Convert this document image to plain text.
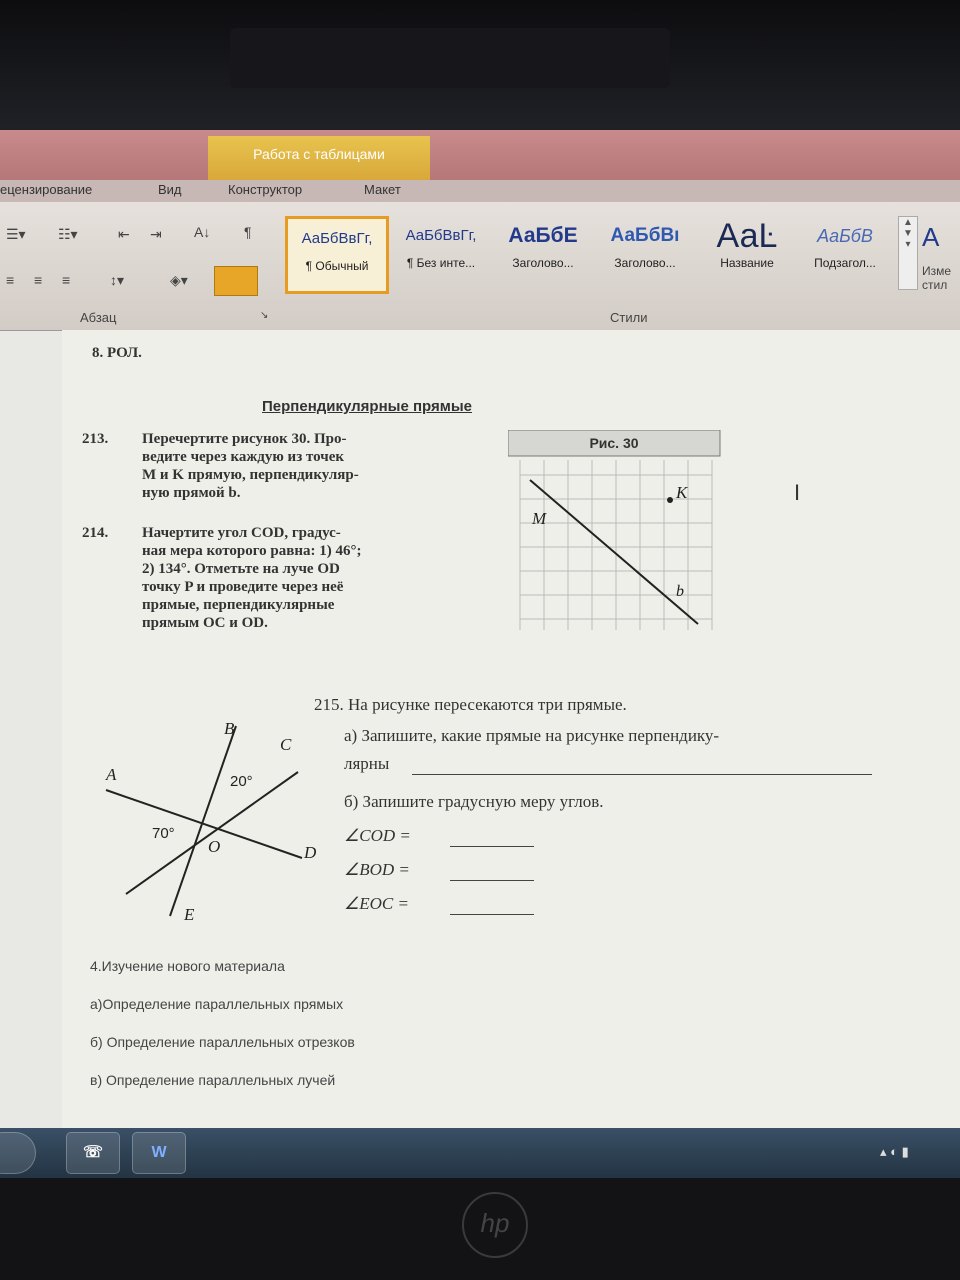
Работа с таблицами
ецензирование	Вид	Конструктор	Макет
☰▾ ☷▾	⇤ ⇥ A↓ ¶
≡ ≡ ≡	↕▾	◈▾
Абзац	↘
АаБбВвГг,
¶ Обычный
АаБбВвГг,
¶ Без инте...
АаБбЕ
Заголово...
АаБбВı
Заголово...
АаĿ
Название
АаБбВ
Подзагол...
▲
▼
▾ A
Изме стил
Стили
8. РОЛ.
Перпендикулярные прямые
213. Перечертите рисунок 30. Про-
ведите через каждую из точек
M и K прямую, перпендикуляр-
ную прямой b.
214. Начертите угол COD, градус-
ная мера которого равна: 1) 46°;
2) 134°. Отметьте на луче OD
точку P и проведите через неё
прямые, перпендикулярные
прямым OC и OD.
Рис. 30
K
M
b
215. На рисунке пересекаются три прямые.
а) Запишите, какие прямые на рисунке перпендику-
лярны
б) Запишите градусную меру углов.
∠COD =
∠BOD =
∠EOC =
A
B
C
D
E
O
20°
70°
4.Изучение нового материала
а)Определение параллельных прямых
б) Определение параллельных отрезков
в) Определение параллельных лучей
I
☏	W	▴ ◐ ▮
hp
